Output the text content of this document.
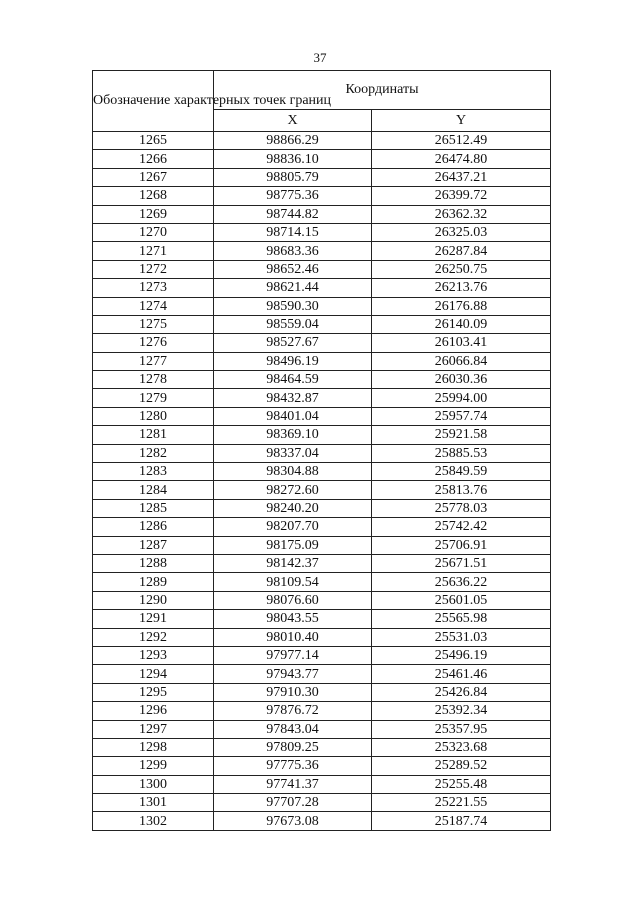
37
Обозначение характерных точек границ	Координаты	
	X	Y
1265	98866.29	26512.49
1266	98836.10	26474.80
1267	98805.79	26437.21
1268	98775.36	26399.72
1269	98744.82	26362.32
1270	98714.15	26325.03
1271	98683.36	26287.84
1272	98652.46	26250.75
1273	98621.44	26213.76
1274	98590.30	26176.88
1275	98559.04	26140.09
1276	98527.67	26103.41
1277	98496.19	26066.84
1278	98464.59	26030.36
1279	98432.87	25994.00
1280	98401.04	25957.74
1281	98369.10	25921.58
1282	98337.04	25885.53
1283	98304.88	25849.59
1284	98272.60	25813.76
1285	98240.20	25778.03
1286	98207.70	25742.42
1287	98175.09	25706.91
1288	98142.37	25671.51
1289	98109.54	25636.22
1290	98076.60	25601.05
1291	98043.55	25565.98
1292	98010.40	25531.03
1293	97977.14	25496.19
1294	97943.77	25461.46
1295	97910.30	25426.84
1296	97876.72	25392.34
1297	97843.04	25357.95
1298	97809.25	25323.68
1299	97775.36	25289.52
1300	97741.37	25255.48
1301	97707.28	25221.55
1302	97673.08	25187.74
